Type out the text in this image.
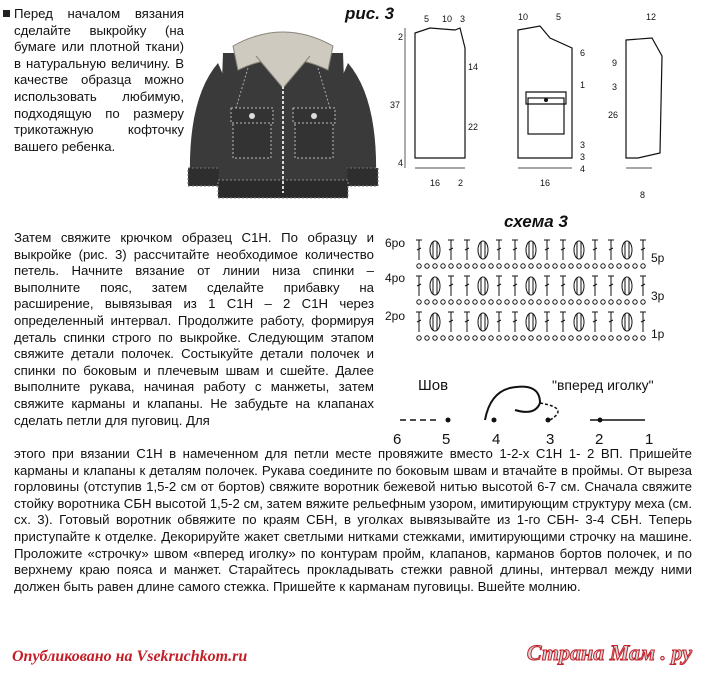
Перед началом вязания сделайте выкройку (на бумаге или плотной ткани) в натуральную величину. В качестве образца можно использовать любимую, подходящую по размеру трикотажную кофточку вашего ребенка.
рис. 3	5 10 3
2
37
14
22
4
16 2
10	5
6
1
3
3
4
16
12
9
3
26
8
схема 3
6ро
4ро
2ро
5р
3р
1р
Шов	"вперед иголку"
6	5	4	3	2	1
Затем свяжите крючком образец С1Н. По образцу и выкройке (рис. 3) рассчитайте необходимое количество петель. Начните вязание от линии низа спинки – выполните пояс, затем сделайте прибавку на расширение, вывязывая из 1 С1Н – 2 С1Н через определенный интервал. Продолжите работу, формируя деталь спинки строго по выкройке. Следующим этапом свяжите детали полочек. Состыкуйте детали полочек и спинки по боковым и плечевым швам и сшейте. Далее выполните рукава, начиная работу с манжеты, затем свяжите карманы и клапаны. Не забудьте на клапанах сделать петли для пуговиц. Для
этого при вязании С1Н в намеченном для петли месте провяжите вместо 1-2-х С1Н 1- 2 ВП. Пришейте карманы и клапаны к деталям полочек. Рукава соедините по боковым швам и втачайте в проймы. От выреза горловины (отступив 1,5-2 см от бортов) свяжите воротник бежевой нитью высотой 6-7 см. Сначала свяжите стойку воротника СБН высотой 1,5-2 см, затем вяжите рельефным узором, имитирующим структуру меха (см. сх. 3). Готовый воротник обвяжите по краям СБН, в уголках вывязывайте из 1-го СБН- 3-4 СБН. Теперь приступайте к отделке. Декорируйте жакет светлыми нитками стежками, имитирующими строчку на машине. Проложите «строчку» швом «вперед иголку» по контурам пройм, клапанов, карманов бортов полочек, и по верхнему краю пояса и манжет. Старайтесь прокладывать стежки равной длины, интервал между ними должен быть равен длине самого стежка. Пришейте к карманам пуговицы. Вшейте молнию.
Опубликовано на Vsekruchkom.ru	Страна Мам . ру
